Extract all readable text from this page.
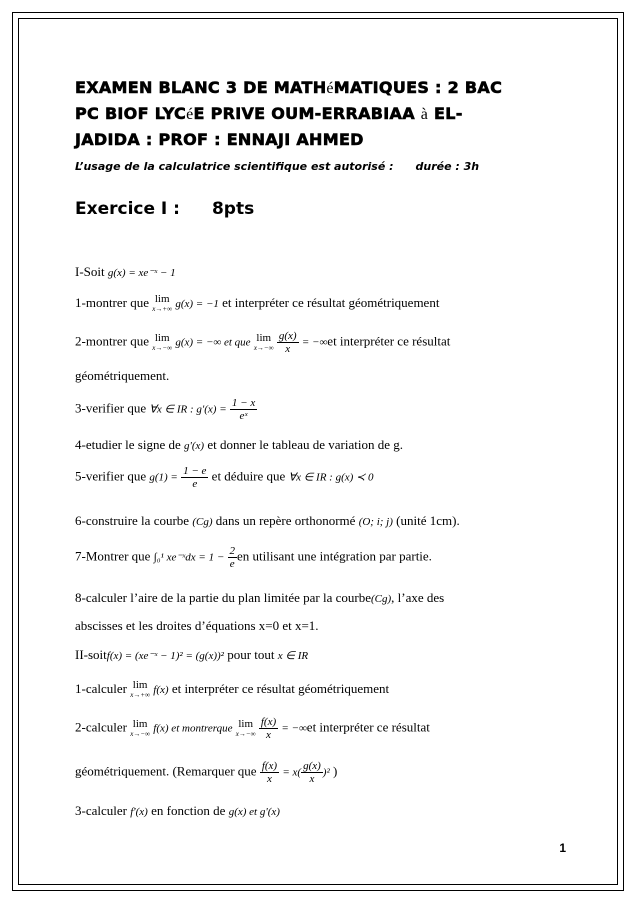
EXAMEN BLANC 3 DE MATHéMATIQUES : 2 BAC
PC BIOF LYCéE PRIVE OUM-ERRABIAA à EL-
JADIDA : PROF : ENNAJI AHMED
L’usage de la calculatrice scientifique est autorisé : durée : 3h
Exercice I : 8pts
I-Soit g(x) = xe⁻ˣ − 1
1-montrer que lim
x→+∞ g(x) = −1 et interpréter ce résultat géométriquement
2-montrer que lim
x→−∞ g(x) = −∞ et que lim
x→−∞
$\frac{g(x)}{x} = -\infty et$ interpréter ce résultat
géométriquement.
3-verifier que ∀x ∈ IR : $g'(x) = \frac{1 - x}{\text{eˣ}}$
4-etudier le signe de g'(x) et donner le tableau de variation de g.
5-verifier que $g(1) = \frac{1 - e}{e}$ et déduire que ∀x ∈ IR : g(x) ≺ 0
6-construire la courbe (Cg) dans un repère orthonormé (O; i; j) (unité 1cm).
7-Montrer que ∫₀¹ xe⁻ˣdx = $1 - \frac{2}{e}$ en utilisant une intégration par partie.
8-calculer l’aire de la partie du plan limitée par la courbe(Cg), l’axe des
abscisses et les droites d’équations x=0 et x=1.
II-soitf(x) = (xe⁻ˣ − 1)² = (g(x))² pour tout x ∈ IR
1-calculer lim
x→+∞ f(x) et interpréter ce résultat géométriquement
2-calculer lim
x→−∞ f(x) et montrerque lim
x→−∞
$\frac{f(x)}{x} = -\infty et$ interpréter ce résultat
géométriquement. (Remarquer que $\frac{f(x)}{x} = x( \frac{g(x)}{x} )^2$ )
3-calculer f'(x) en fonction de g(x) et g'(x)
1
